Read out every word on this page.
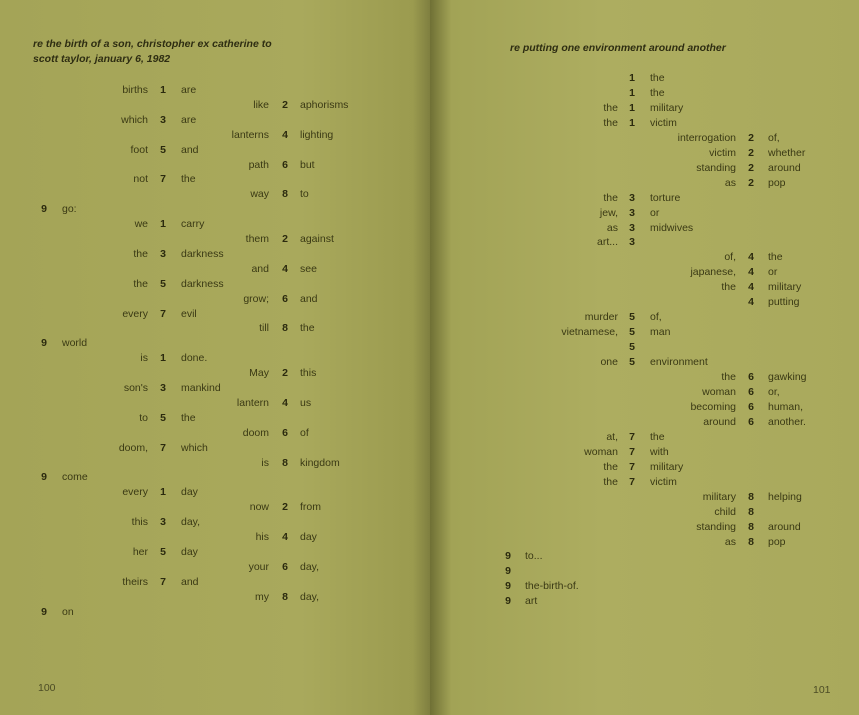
re the birth of a son, christopher ex catherine to

scott taylor, january 6, 1982

births 1 are
like 2 aphorisms
which 3 are
lanterns 4 lighting
foot 5 and
path 6 but
not 7 the
way 8 to
9 go:
we 1 carry
them 2 against
the 3 darkness
and 4 see
the 5 darkness
grow; 6 and
every 7 evil
till 8 the
9 world
is 1 done.
May 2 this
son's 3 mankind
lantern 4 us
to 5 the
doom 6 of
doom, 7 which
is 8 kingdom
9 come
every 1 day
now 2 from
this 3 day,
his 4 day
her 5 day
your 6 day,
theirs 7 and
my 8 day,
9 on
100

re putting one environment around another

1 the
1 the
the 1 military
the 1 victim
interrogation 2 of,
victim 2 whether
standing 2 around
as 2 pop
the 3 torture
jew, 3 or
as 3 midwives
art... 3
of, 4 the
japanese, 4 or
the 4 military
4 putting
murder 5 of,
vietnamese, 5 man
5
one 5 environment
the 6 gawking
woman 6 or,
becoming 6 human,
around 6 another.
at, 7 the
woman 7 with
the 7 military
the 7 victim
military 8 helping
child 8
standing 8 around
as 8 pop
9 to...
9
9 the-birth-of.
9 art
101
